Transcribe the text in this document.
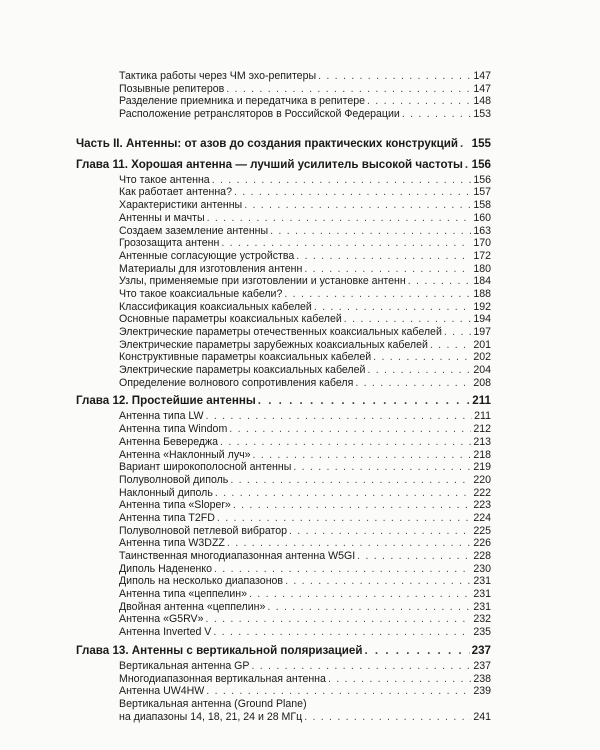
Тактика работы через ЧМ эхо-репитеры . . .	147
Позывные репитеров . . .	147
Разделение приемника и передатчика в репитере . . .	148
Расположение ретрансляторов в Российской Федерации . . .	153
Часть II. Антенны: от азов до создания практических конструкций . . . 155
Глава 11. Хорошая антенна — лучший усилитель высокой частоты . . . 156
Что такое антенна . . .	156
Как работает антенна? . . .	157
Характеристики антенны . . .	158
Антенны и мачты . . .	160
Создаем заземление антенны . . .	163
Грозозащита антенн . . .	170
Антенные согласующие устройства . . .	172
Материалы для изготовления антенн . . .	180
Узлы, применяемые при изготовлении и установке антенн . . .	184
Что такое коаксиальные кабели? . . .	188
Классификация коаксиальных кабелей . . .	192
Основные параметры коаксиальных кабелей . . .	194
Электрические параметры отечественных коаксиальных кабелей . . .	197
Электрические параметры зарубежных коаксиальных кабелей . . .	201
Конструктивные параметры коаксиальных кабелей . . .	202
Электрические параметры коаксиальных кабелей . . .	204
Определение волнового сопротивления кабеля . . .	208
Глава 12. Простейшие антенны . . .	211
Антенна типа LW . . .	211
Антенна типа Windom . . .	212
Антенна Бевереджа . . .	213
Антенна «Наклонный луч» . . .	218
Вариант широкополосной антенны . . .	219
Полуволновой диполь . . .	220
Наклонный диполь . . .	222
Антенна типа «Sloper» . . .	223
Антенна типа T2FD . . .	224
Полуволновой петлевой вибратор . . .	225
Антенна типа W3DZZ . . .	226
Таинственная многодиапазонная антенна W5GI . . .	228
Диполь Надененко . . .	230
Диполь на несколько диапазонов . . .	231
Антенна типа «цеппелин» . . .	231
Двойная антенна «цеппелин» . . .	231
Антенна «G5RV» . . .	232
Антенна Inverted V . . .	235
Глава 13. Антенны с вертикальной поляризацией . . .	237
Вертикальная антенна GP . . .	237
Многодиапазонная вертикальная антенна . . .	238
Антенна UW4HW . . .	239
Вертикальная антенна (Ground Plane)
на диапазоны 14, 18, 21, 24 и 28 МГц . . .	241
